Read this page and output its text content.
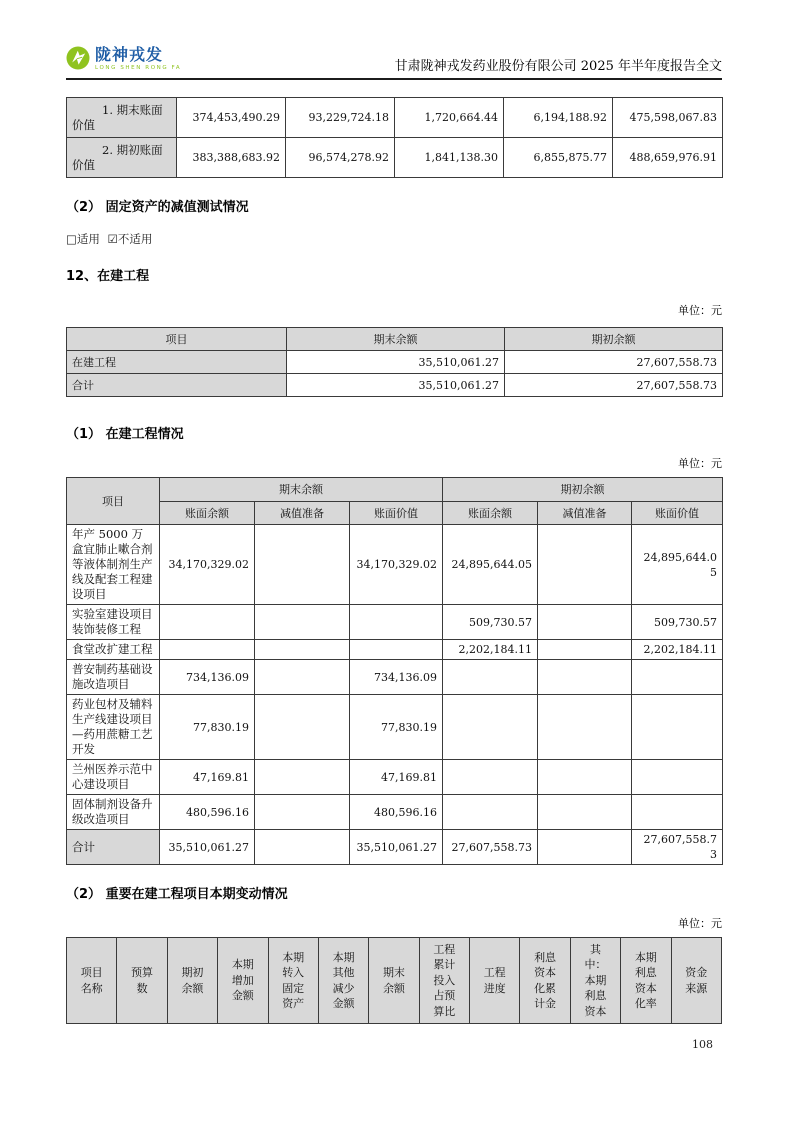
陇神戎发
LONG SHEN RONG FA	甘肃陇神戎发药业股份有限公司 2025 年半年度报告全文
1. 期末账面价值	374,453,490.29	93,229,724.18	1,720,664.44	6,194,188.92	475,598,067.83
2. 期初账面价值	383,388,683.92	96,574,278.92	1,841,138.30	6,855,875.77	488,659,976.91
（2） 固定资产的减值测试情况
□适用 ☑不适用
12、在建工程
单位：元
项目	期末余额	期初余额
在建工程	35,510,061.27	27,607,558.73
合计	35,510,061.27	27,607,558.73
（1） 在建工程情况
单位：元
项目	期末余额			期初余额		
	账面余额	减值准备	账面价值	账面余额	减值准备	账面价值
年产 5000 万盒宜肺止嗽合剂等液体制剂生产线及配套工程建设项目	34,170,329.02		34,170,329.02	24,895,644.05		24,895,644.05
实验室建设项目装饰装修工程				509,730.57		509,730.57
食堂改扩建工程				2,202,184.11		2,202,184.11
普安制药基础设施改造项目	734,136.09		734,136.09			
药业包材及辅料生产线建设项目—药用蔗糖工艺开发	77,830.19		77,830.19			
兰州医养示范中心建设项目	47,169.81		47,169.81			
固体制剂设备升级改造项目	480,596.16		480,596.16			
合计	35,510,061.27		35,510,061.27	27,607,558.73		27,607,558.73
（2） 重要在建工程项目本期变动情况
单位：元
项目名称	预算数	期初余额	本期增加金额	本期转入固定资产	本期其他减少金额	期末余额	工程累计投入占预算比	工程进度	利息资本化累计金	其中：本期利息资本	本期利息资本化率	资金来源
108
